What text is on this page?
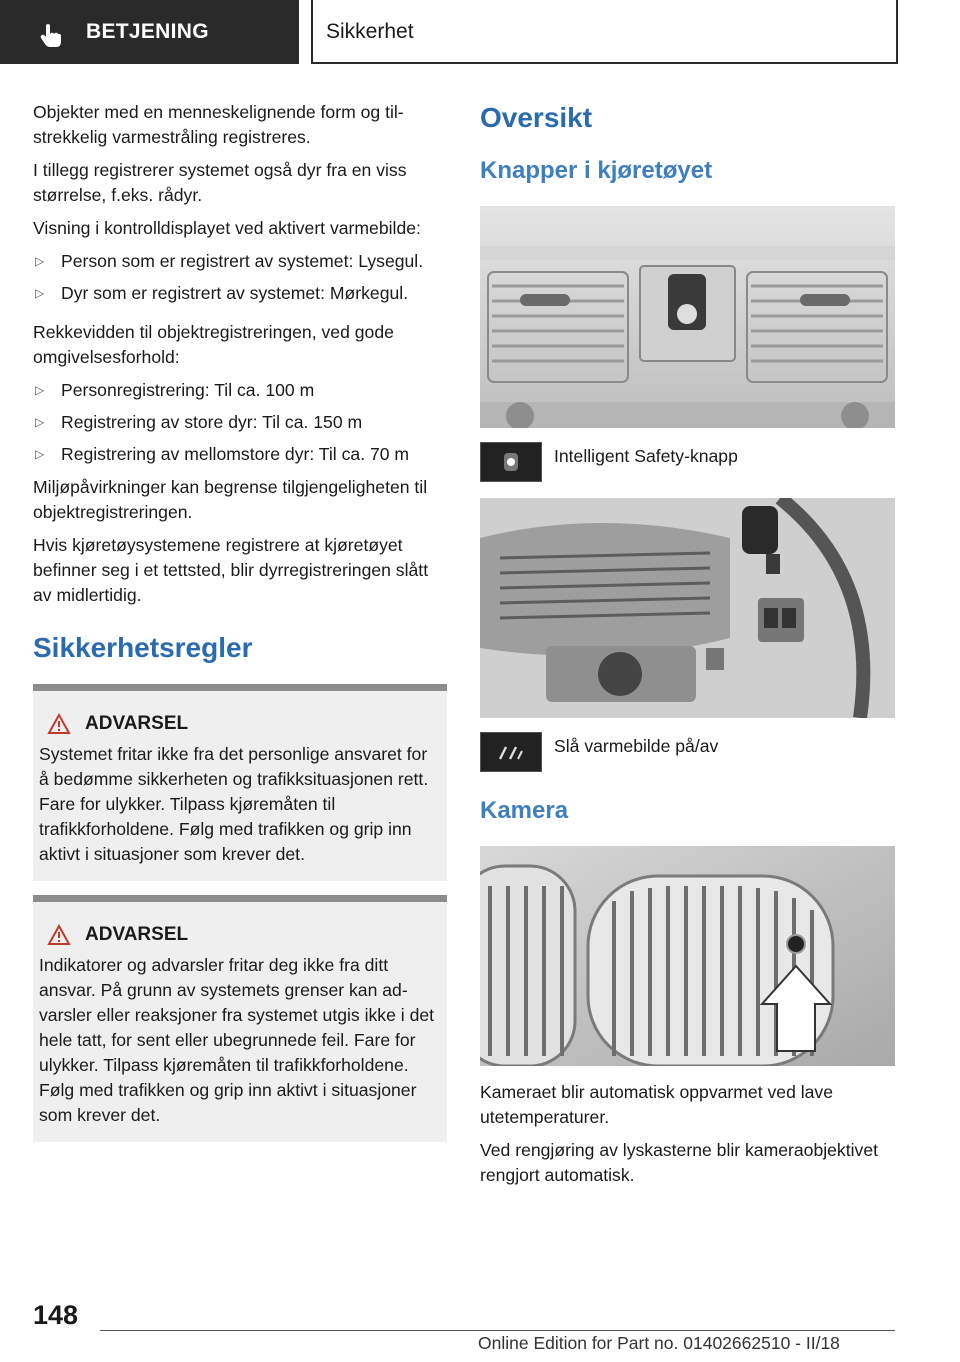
BETJENING	Sikkerhet

Objekter med en menneskelignende form og tilstrekkelig varmestråling registreres.

I tillegg registrerer systemet også dyr fra en viss størrelse, f.eks. rådyr.

Visning i kontrolldisplayet ved aktivert varmebilde:

▷ Person som er registrert av systemet: Lysegul.
▷ Dyr som er registrert av systemet: Mørkegul.

Rekkevidden til objektregistreringen, ved gode omgivelsesforhold:

▷ Personregistrering: Til ca. 100 m
▷ Registrering av store dyr: Til ca. 150 m
▷ Registrering av mellomstore dyr: Til ca. 70 m

Miljøpåvirkninger kan begrense tilgjengeligheten til objektregistreringen.

Hvis kjøretøysystemene registrere at kjøretøyet befinner seg i et tettsted, blir dyrregistreringen slått av midlertidig.

Sikkerhetsregler
ADVARSEL

Systemet fritar ikke fra det personlige ansvaret for å bedømme sikkerheten og trafikksituasjonen rett. Fare for ulykker. Tilpass kjøremåten til trafikkforholdene. Følg med trafikken og grip inn aktivt i situasjoner som krever det.

ADVARSEL

Indikatorer og advarsler fritar deg ikke fra ditt ansvar. På grunn av systemets grenser kan advarsler eller reaksjoner fra systemet utgis ikke i det hele tatt, for sent eller ubegrunnede feil. Fare for ulykker. Tilpass kjøremåten til trafikkforholdene. Følg med trafikken og grip inn aktivt i situasjoner som krever det.

Oversikt
Knapper i kjøretøyet
Intelligent Safety-knapp
Slå varmebilde på/av
Kamera

Kameraet blir automatisk oppvarmet ved lave utetemperaturer.

Ved rengjøring av lyskasterne blir kameraobjektivet rengjort automatisk.

148
Online Edition for Part no. 01402662510 - II/18
